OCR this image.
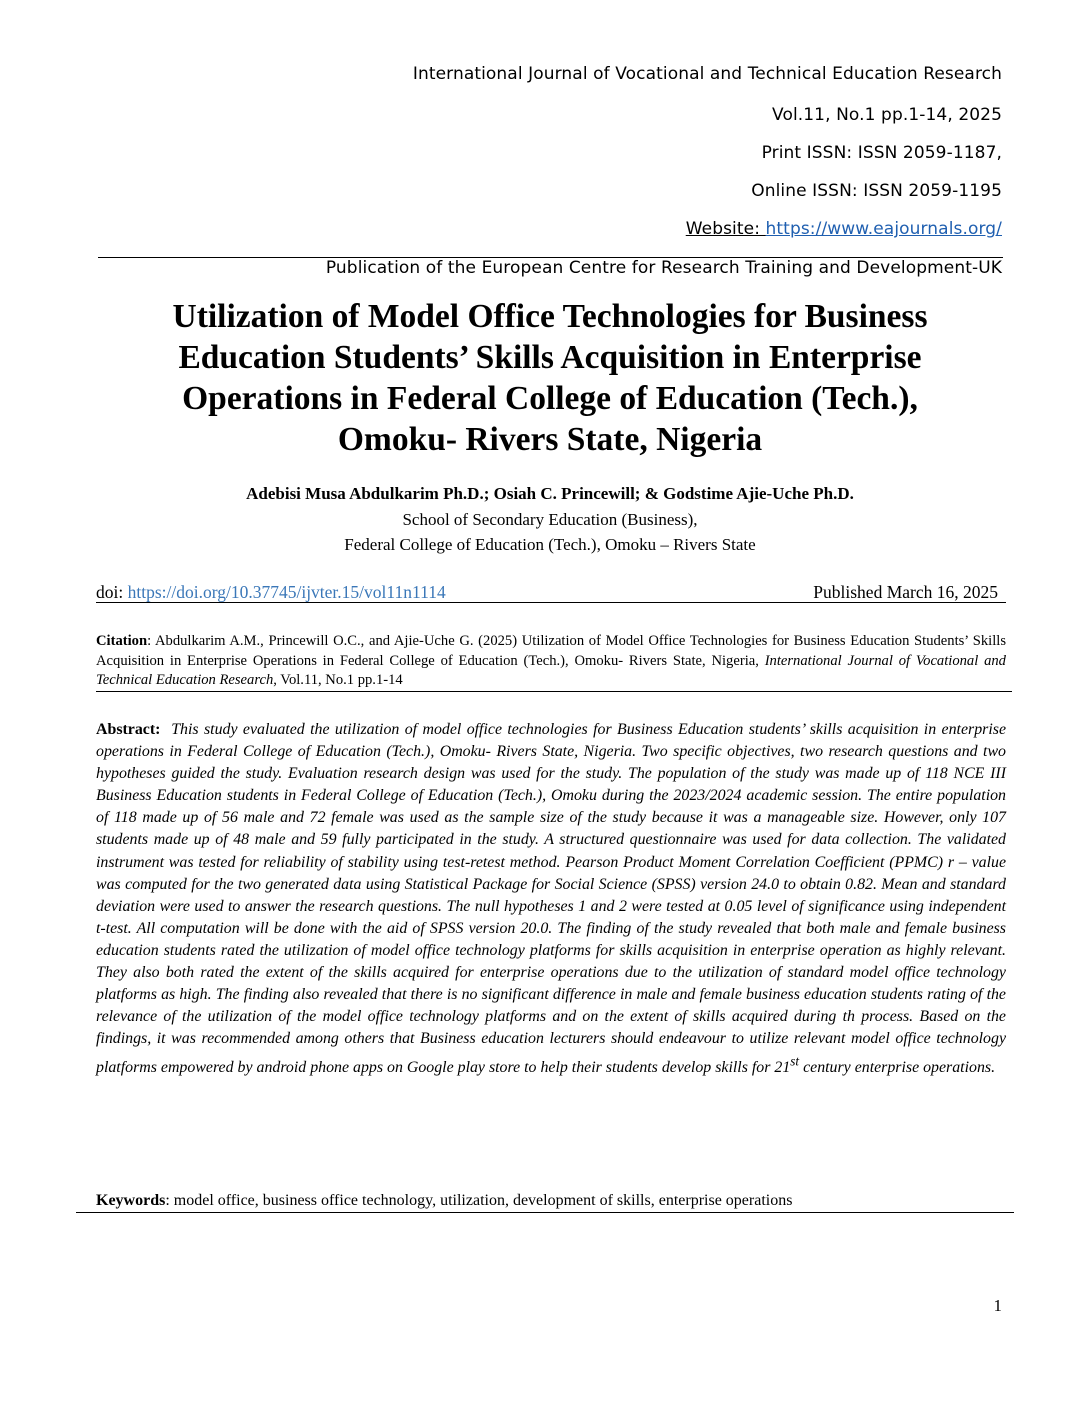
International Journal of Vocational and Technical Education Research
Vol.11, No.1 pp.1-14, 2025
Print ISSN: ISSN 2059-1187,
Online ISSN: ISSN 2059-1195
Website: https://www.eajournals.org/
Publication of the European Centre for Research Training and Development-UK
Utilization of Model Office Technologies for Business
Education Students’ Skills Acquisition in Enterprise
Operations in Federal College of Education (Tech.),
Omoku- Rivers State, Nigeria
Adebisi Musa Abdulkarim Ph.D.; Osiah C. Princewill; & Godstime Ajie-Uche Ph.D.
School of Secondary Education (Business),
Federal College of Education (Tech.), Omoku – Rivers State
doi: https://doi.org/10.37745/ijvter.15/vol11n1114	Published March 16, 2025
Citation: Abdulkarim A.M., Princewill O.C., and Ajie-Uche G. (2025) Utilization of Model Office Technologies for Business Education Students’ Skills Acquisition in Enterprise Operations in Federal College of Education (Tech.), Omoku- Rivers State, Nigeria, International Journal of Vocational and Technical Education Research, Vol.11, No.1 pp.1-14
Abstract: This study evaluated the utilization of model office technologies for Business Education students’ skills acquisition in enterprise operations in Federal College of Education (Tech.), Omoku- Rivers State, Nigeria. Two specific objectives, two research questions and two hypotheses guided the study. Evaluation research design was used for the study. The population of the study was made up of 118 NCE III Business Education students in Federal College of Education (Tech.), Omoku during the 2023/2024 academic session. The entire population of 118 made up of 56 male and 72 female was used as the sample size of the study because it was a manageable size. However, only 107 students made up of 48 male and 59 fully participated in the study. A structured questionnaire was used for data collection. The validated instrument was tested for reliability of stability using test-retest method. Pearson Product Moment Correlation Coefficient (PPMC) r – value was computed for the two generated data using Statistical Package for Social Science (SPSS) version 24.0 to obtain 0.82. Mean and standard deviation were used to answer the research questions. The null hypotheses 1 and 2 were tested at 0.05 level of significance using independent t-test. All computation will be done with the aid of SPSS version 20.0. The finding of the study revealed that both male and female business education students rated the utilization of model office technology platforms for skills acquisition in enterprise operation as highly relevant. They also both rated the extent of the skills acquired for enterprise operations due to the utilization of standard model office technology platforms as high. The finding also revealed that there is no significant difference in male and female business education students rating of the relevance of the utilization of the model office technology platforms and on the extent of skills acquired during th process. Based on the findings, it was recommended among others that Business education lecturers should endeavour to utilize relevant model office technology platforms empowered by android phone apps on Google play store to help their students develop skills for 21st century enterprise operations.
Keywords: model office, business office technology, utilization, development of skills, enterprise operations
1
